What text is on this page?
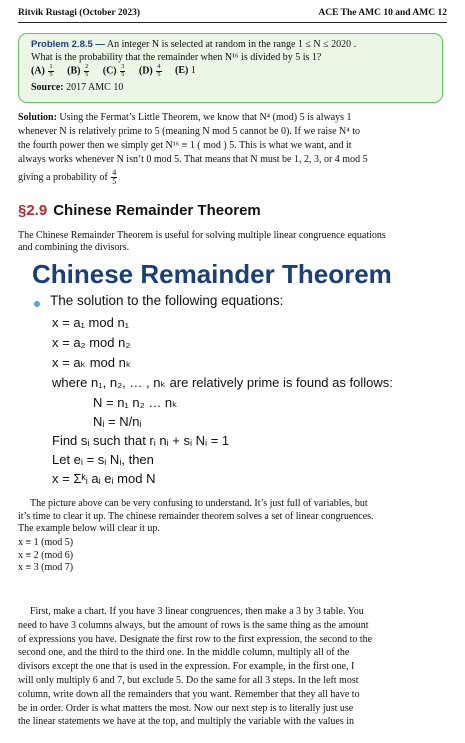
Ritvik Rustagi (October 2023)	ACE The AMC 10 and AMC 12
Problem 2.8.5 — An integer N is selected at random in the range 1 ≤ N ≤ 2020 .
What is the probability that the remainder when N¹⁶ is divided by 5 is 1?
$(A) \frac{1}{5} (B) \frac{2}{5} (C) \frac{3}{5} (D) \frac{4}{5} (E)$ 1
Source: 2017 AMC 10
Solution: Using the Fermat’s Little Theorem, we know that N⁴ (mod) 5 is always 1
whenever N is relatively prime to 5 (meaning N mod 5 cannot be 0). If we raise N⁴ to
the fourth power then we simply get N¹⁶ ≡ 1 ( mod ) 5. This is what we want, and it
always works whenever N isn’t 0 mod 5. That means that N must be 1, 2, 3, or 4 mod 5
giving a probability of $\frac{4}{5}$
§2.9 Chinese Remainder Theorem
The Chinese Remainder Theorem is useful for solving multiple linear congruence equations
and combining the divisors.
Chinese Remainder Theorem
The solution to the following equations:
x = a₁ mod n₁
x = a₂ mod n₂
x = aₖ mod nₖ
where n₁, n₂, … , nₖ are relatively prime is found as follows:
N = n₁ n₂ … nₖ
Nᵢ = N/nᵢ
Find sᵢ such that rᵢ nᵢ + sᵢ Nᵢ = 1
Let eᵢ = sᵢ Nᵢ, then
x = Σᵏᵢ aᵢ eᵢ mod N
The picture above can be very confusing to understand. It’s just full of variables, but
it’s time to clear it up. The chinese remainder theorem solves a set of linear congruences.
The example below will clear it up.
x ≡ 1 (mod 5)
x ≡ 2 (mod 6)
x ≡ 3 (mod 7)
First, make a chart. If you have 3 linear congruences, then make a 3 by 3 table. You
need to have 3 columns always, but the amount of rows is the same thing as the amount
of expressions you have. Designate the first row to the first expression, the second to the
second one, and the third to the third one. In the middle column, multiply all of the
divisors except the one that is used in the expression. For example, in the first one, I
will only multiply 6 and 7, but exclude 5. Do the same for all 3 steps. In the left most
column, write down all the remainders that you want. Remember that they all have to
be in order. Order is what matters the most. Now our next step is to literally just use
the linear statements we have at the top, and multiply the variable with the values in
